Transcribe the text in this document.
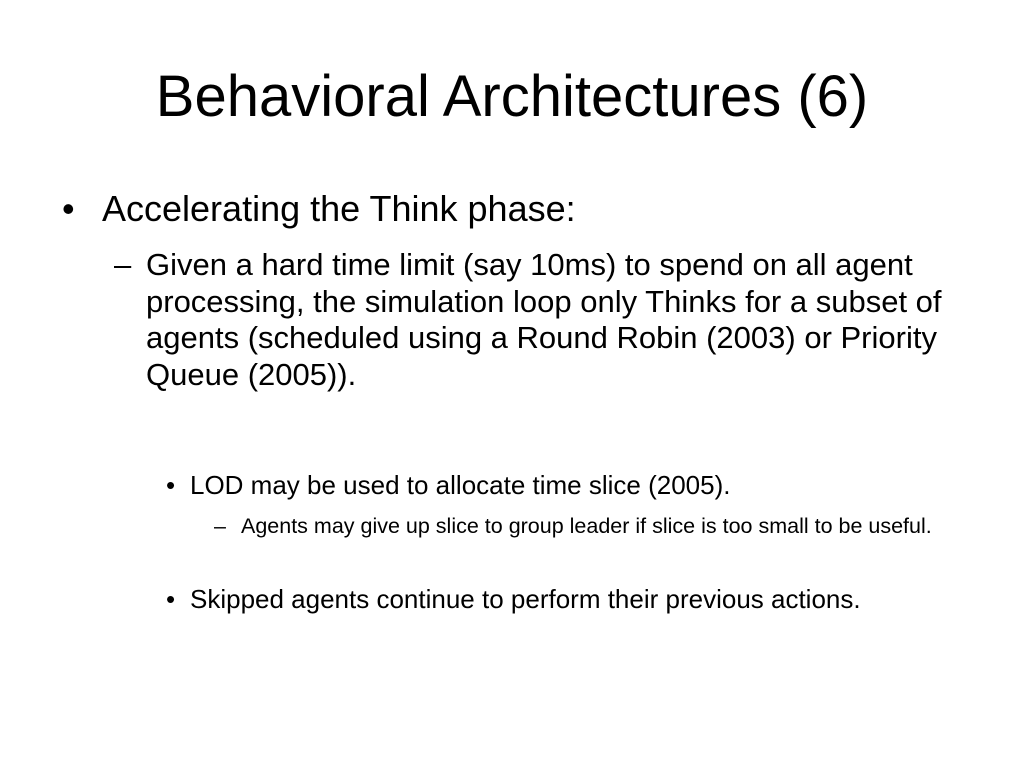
Behavioral Architectures (6)
• Accelerating the Think phase:
– Given a hard time limit (say 10ms) to spend on all agent processing, the simulation loop only Thinks for a subset of agents (scheduled using a Round Robin (2003) or Priority Queue (2005)).
• LOD may be used to allocate time slice (2005).
– Agents may give up slice to group leader if slice is too small to be useful.
• Skipped agents continue to perform their previous actions.
